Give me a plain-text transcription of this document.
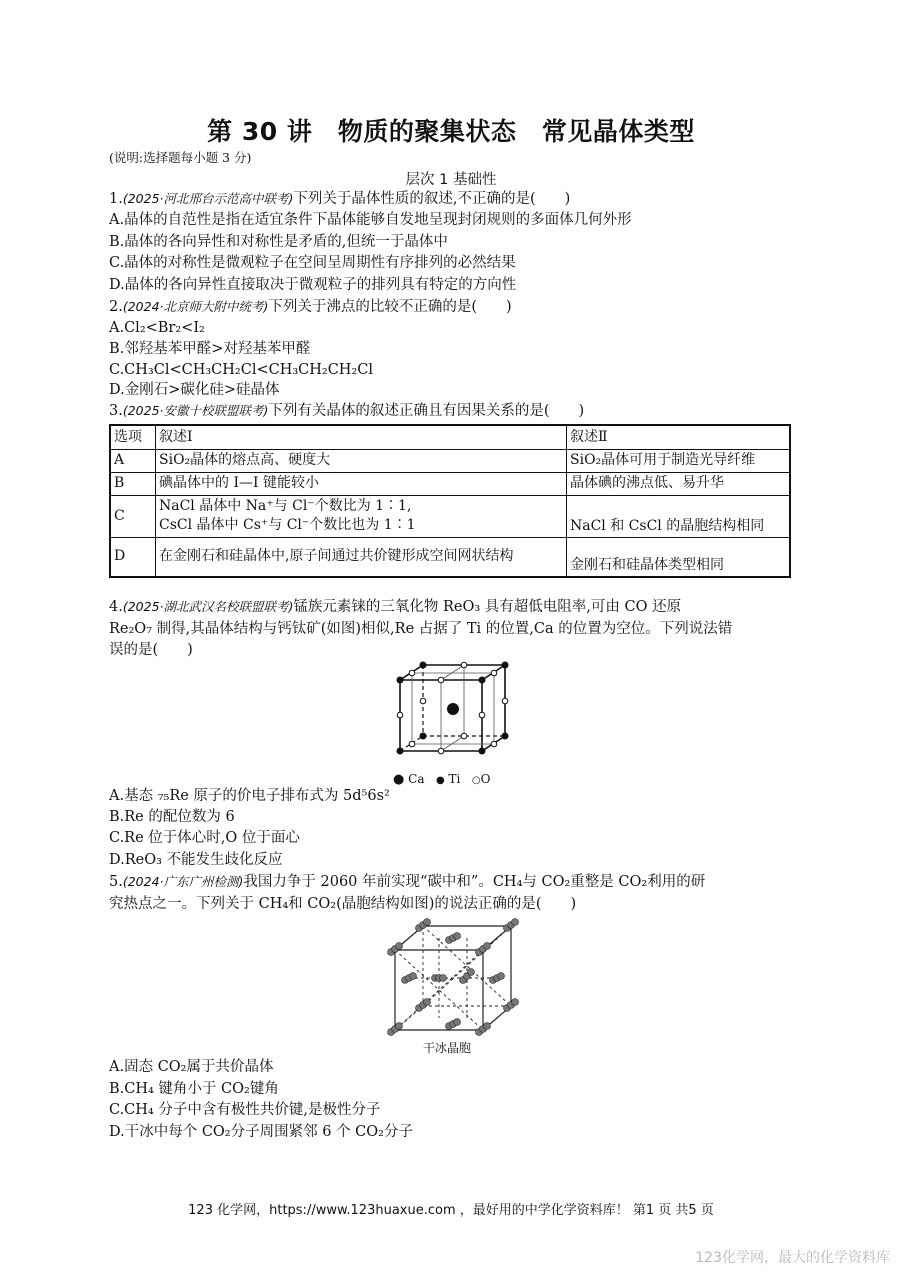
第 30 讲　物质的聚集状态　常见晶体类型
(说明:选择题每小题 3 分)
层次 1 基础性
1.(2025·河北邢台示范高中联考)下列关于晶体性质的叙述,不正确的是(　　)
A.晶体的自范性是指在适宜条件下晶体能够自发地呈现封闭规则的多面体几何外形
B.晶体的各向异性和对称性是矛盾的,但统一于晶体中
C.晶体的对称性是微观粒子在空间呈周期性有序排列的必然结果
D.晶体的各向异性直接取决于微观粒子的排列具有特定的方向性
2.(2024·北京师大附中统考)下列关于沸点的比较不正确的是(　　)
A.Cl₂<Br₂<I₂
B.邻羟基苯甲醛>对羟基苯甲醛
C.CH₃Cl<CH₃CH₂Cl<CH₃CH₂CH₂Cl
D.金刚石>碳化硅>硅晶体
3.(2025·安徽十校联盟联考)下列有关晶体的叙述正确且有因果关系的是(　　)
选项	叙述Ⅰ	叙述Ⅱ
A	SiO₂晶体的熔点高、硬度大	SiO₂晶体可用于制造光导纤维
B	碘晶体中的 I—I 键能较小	晶体碘的沸点低、易升华
C	NaCl 晶体中 Na⁺与 Cl⁻个数比为 1∶1,
CsCl 晶体中 Cs⁺与 Cl⁻个数比也为 1∶1	NaCl 和 CsCl 的晶胞结构相同
D	在金刚石和硅晶体中,原子间通过共价键形成空间网状结构	金刚石和硅晶体类型相同
4.(2025·湖北武汉名校联盟联考)锰族元素铼的三氧化物 ReO₃ 具有超低电阻率,可由 CO 还原
Re₂O₇ 制得,其晶体结构与钙钛矿(如图)相似,Re 占据了 Ti 的位置,Ca 的位置为空位。下列说法错
误的是(　　)
● Ca ● Ti ○O
A.基态 ₇₅Re 原子的价电子排布式为 5d⁵6s²
B.Re 的配位数为 6
C.Re 位于体心时,O 位于面心
D.ReO₃ 不能发生歧化反应
5.(2024·广东广州检测)我国力争于 2060 年前实现“碳中和”。CH₄与 CO₂重整是 CO₂利用的研
究热点之一。下列关于 CH₄和 CO₂(晶胞结构如图)的说法正确的是(　　)
干冰晶胞
A.固态 CO₂属于共价晶体
B.CH₄ 键角小于 CO₂键角
C.CH₄ 分子中含有极性共价键,是极性分子
D.干冰中每个 CO₂分子周围紧邻 6 个 CO₂分子
123 化学网，https://www.123huaxue.com ，最好用的中学化学资料库！ 第1 页 共5 页
123化学网，最大的化学资料库
